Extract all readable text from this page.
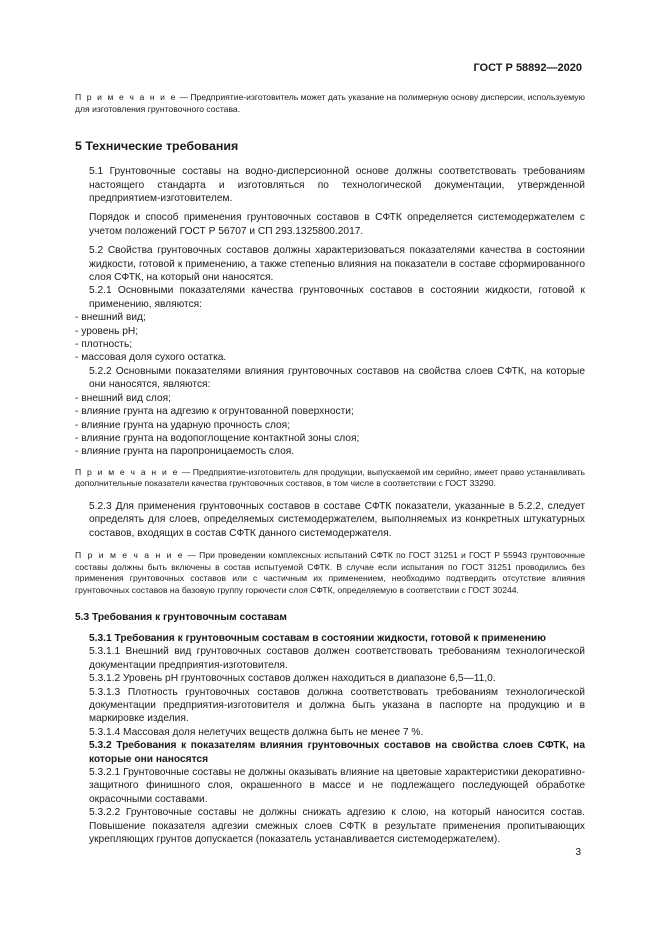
ГОСТ Р 58892—2020

П р и м е ч а н и е — Предприятие-изготовитель может дать указание на полимерную основу дисперсии, используемую для изготовления грунтовочного состава.

5 Технические требования

5.1 Грунтовочные составы на водно-дисперсионной основе должны соответствовать требованиям настоящего стандарта и изготовляться по технологической документации, утвержденной предприятием-изготовителем.

Порядок и способ применения грунтовочных составов в СФТК определяется системодержателем с учетом положений ГОСТ Р 56707 и СП 293.1325800.2017.

5.2 Свойства грунтовочных составов должны характеризоваться показателями качества в состоянии жидкости, готовой к применению, а также степенью влияния на показатели в составе сформированного слоя СФТК, на который они наносятся.

5.2.1 Основными показателями качества грунтовочных составов в состоянии жидкости, готовой к применению, являются:

- внешний вид;

- уровень pH;

- плотность;

- массовая доля сухого остатка.

5.2.2 Основными показателями влияния грунтовочных составов на свойства слоев СФТК, на которые они наносятся, являются:

- внешний вид слоя;

- влияние грунта на адгезию к огрунтованной поверхности;

- влияние грунта на ударную прочность слоя;

- влияние грунта на водопоглощение контактной зоны слоя;

- влияние грунта на паропроницаемость слоя.

П р и м е ч а н и е — Предприятие-изготовитель для продукции, выпускаемой им серийно, имеет право устанавливать дополнительные показатели качества грунтовочных составов, в том числе в соответствии с ГОСТ 33290.

5.2.3 Для применения грунтовочных составов в составе СФТК показатели, указанные в 5.2.2, следует определять для слоев, определяемых системодержателем, выполняемых из конкретных штукатурных составов, входящих в состав СФТК данного системодержателя.

П р и м е ч а н и е — При проведении комплексных испытаний СФТК по ГОСТ 31251 и ГОСТ Р 55943 грунтовочные составы должны быть включены в состав испытуемой СФТК. В случае если испытания по ГОСТ 31251 проводились без применения грунтовочных составов или с частичным их применением, необходимо подтвердить отсутствие влияния грунтовочных составов на базовую группу горючести слоя СФТК, определяемую в соответствии с ГОСТ 30244.

5.3 Требования к грунтовочным составам

5.3.1 Требования к грунтовочным составам в состоянии жидкости, готовой к применению

5.3.1.1 Внешний вид грунтовочных составов должен соответствовать требованиям технологической документации предприятия-изготовителя.

5.3.1.2 Уровень pH грунтовочных составов должен находиться в диапазоне 6,5—11,0.

5.3.1.3 Плотность грунтовочных составов должна соответствовать требованиям технологической документации предприятия-изготовителя и должна быть указана в паспорте на продукцию и в маркировке изделия.

5.3.1.4 Массовая доля нелетучих веществ должна быть не менее 7 %.

5.3.2 Требования к показателям влияния грунтовочных составов на свойства слоев СФТК, на которые они наносятся

5.3.2.1 Грунтовочные составы не должны оказывать влияние на цветовые характеристики декоративно-защитного финишного слоя, окрашенного в массе и не подлежащего последующей обработке окрасочными составами.

5.3.2.2 Грунтовочные составы не должны снижать адгезию к слою, на который наносится состав. Повышение показателя адгезии смежных слоев СФТК в результате применения пропитывающих укрепляющих грунтов допускается (показатель устанавливается системодержателем).

3
